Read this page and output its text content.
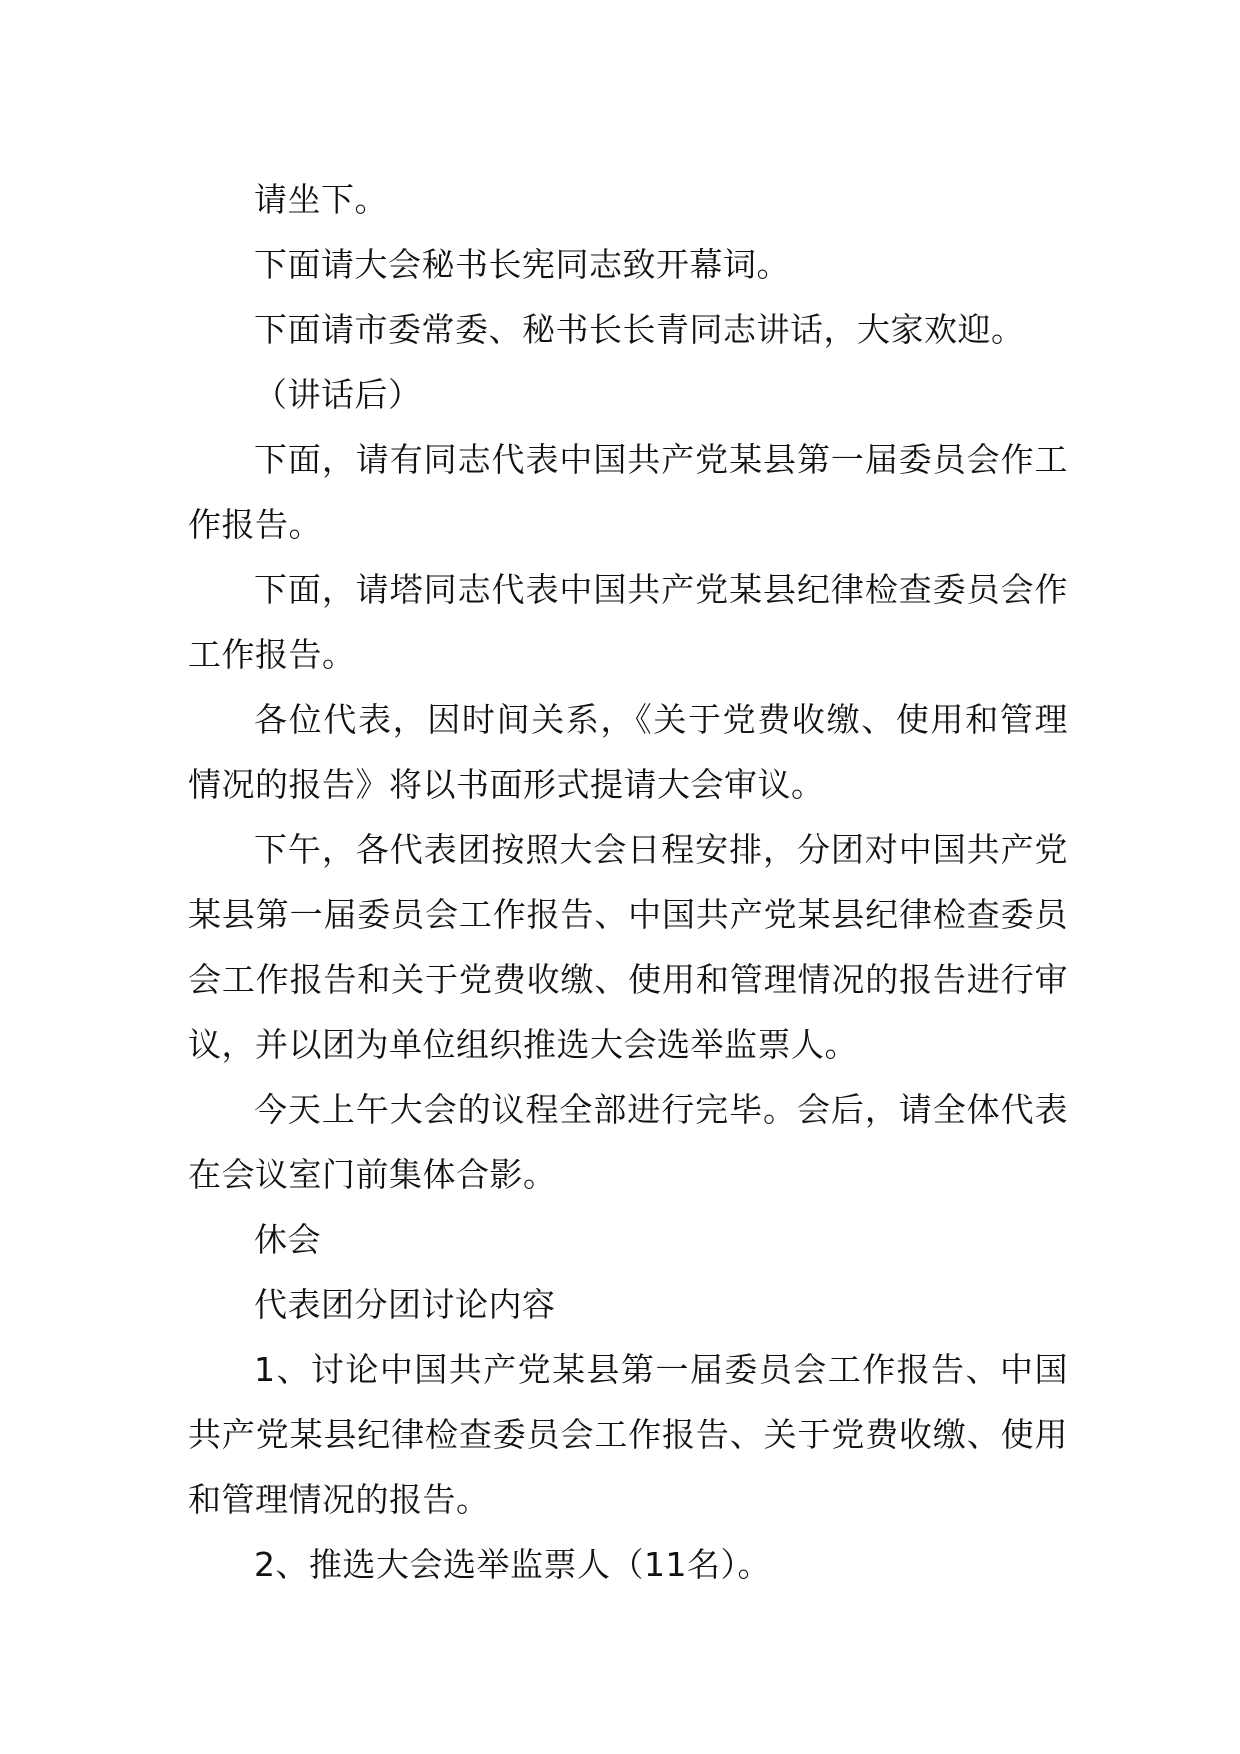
请坐下。

下面请大会秘书长宪同志致开幕词。

下面请市委常委、秘书长长青同志讲话，大家欢迎。

（讲话后）

下面，请有同志代表中国共产党某县第一届委员会作工作报告。

下面，请塔同志代表中国共产党某县纪律检查委员会作工作报告。

各位代表，因时间关系，《关于党费收缴、使用和管理情况的报告》将以书面形式提请大会审议。

下午，各代表团按照大会日程安排，分团对中国共产党某县第一届委员会工作报告、中国共产党某县纪律检查委员会工作报告和关于党费收缴、使用和管理情况的报告进行审议，并以团为单位组织推选大会选举监票人。

今天上午大会的议程全部进行完毕。会后，请全体代表在会议室门前集体合影。

休会

代表团分团讨论内容

1、讨论中国共产党某县第一届委员会工作报告、中国共产党某县纪律检查委员会工作报告、关于党费收缴、使用和管理情况的报告。

2、推选大会选举监票人（11名）。
